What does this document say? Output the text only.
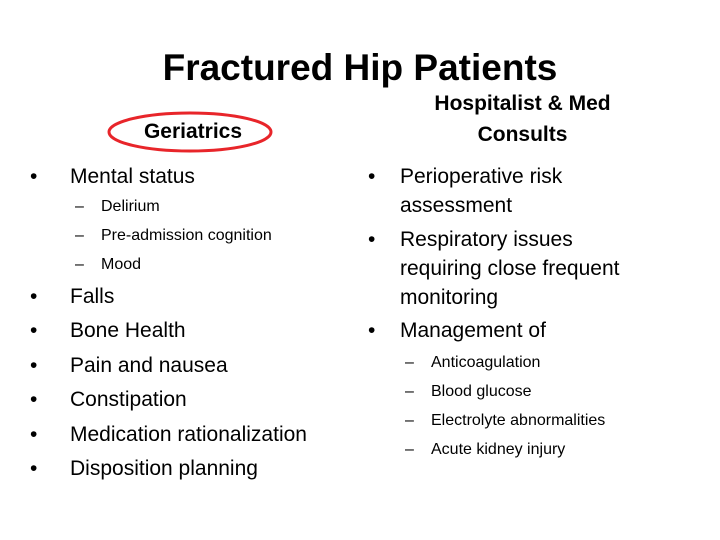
Fractured Hip Patients
Geriatrics
Hospitalist & Med
Consults
• Mental status
– Delirium
– Pre-admission cognition
– Mood
• Falls
• Bone Health
• Pain and nausea
• Constipation
• Medication rationalization
• Disposition planning
• Perioperative risk
assessment
• Respiratory issues
requiring close frequent
monitoring
• Management of
– Anticoagulation
– Blood glucose
– Electrolyte abnormalities
– Acute kidney injury
